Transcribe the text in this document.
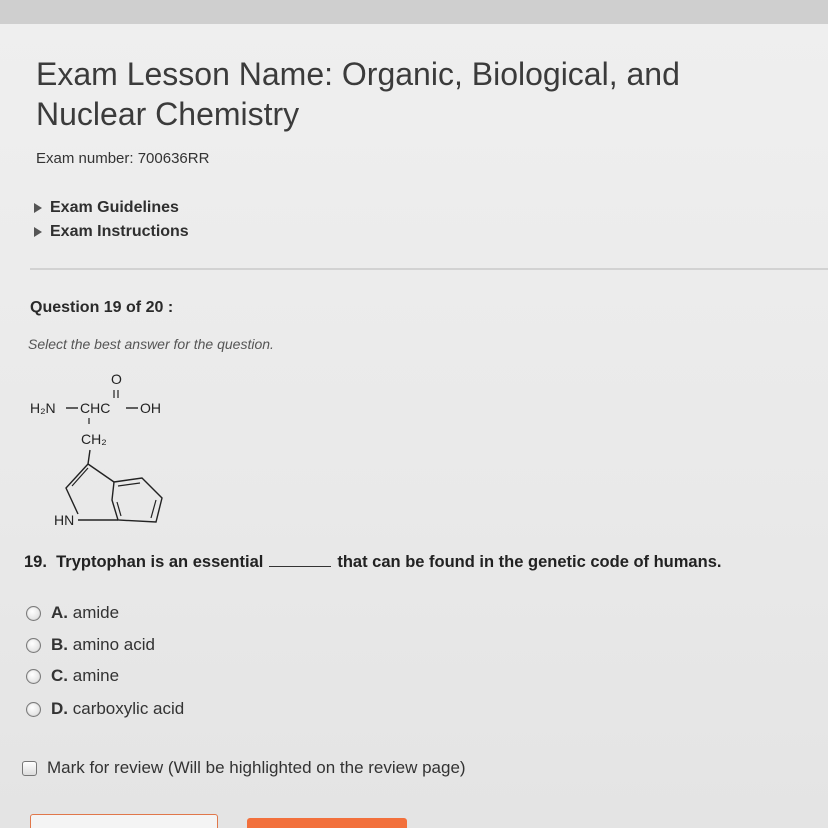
Exam Lesson Name: Organic, Biological, and Nuclear Chemistry
Exam number: 700636RR
Exam Guidelines
Exam Instructions
Question 19 of 20 :
Select the best answer for the question.
O
H₂N CHC OH
CH₂
HN
19. Tryptophan is an essential	that can be found in the genetic code of humans.
A. amide
B. amino acid
C. amine
D. carboxylic acid
Mark for review (Will be highlighted on the review page)
